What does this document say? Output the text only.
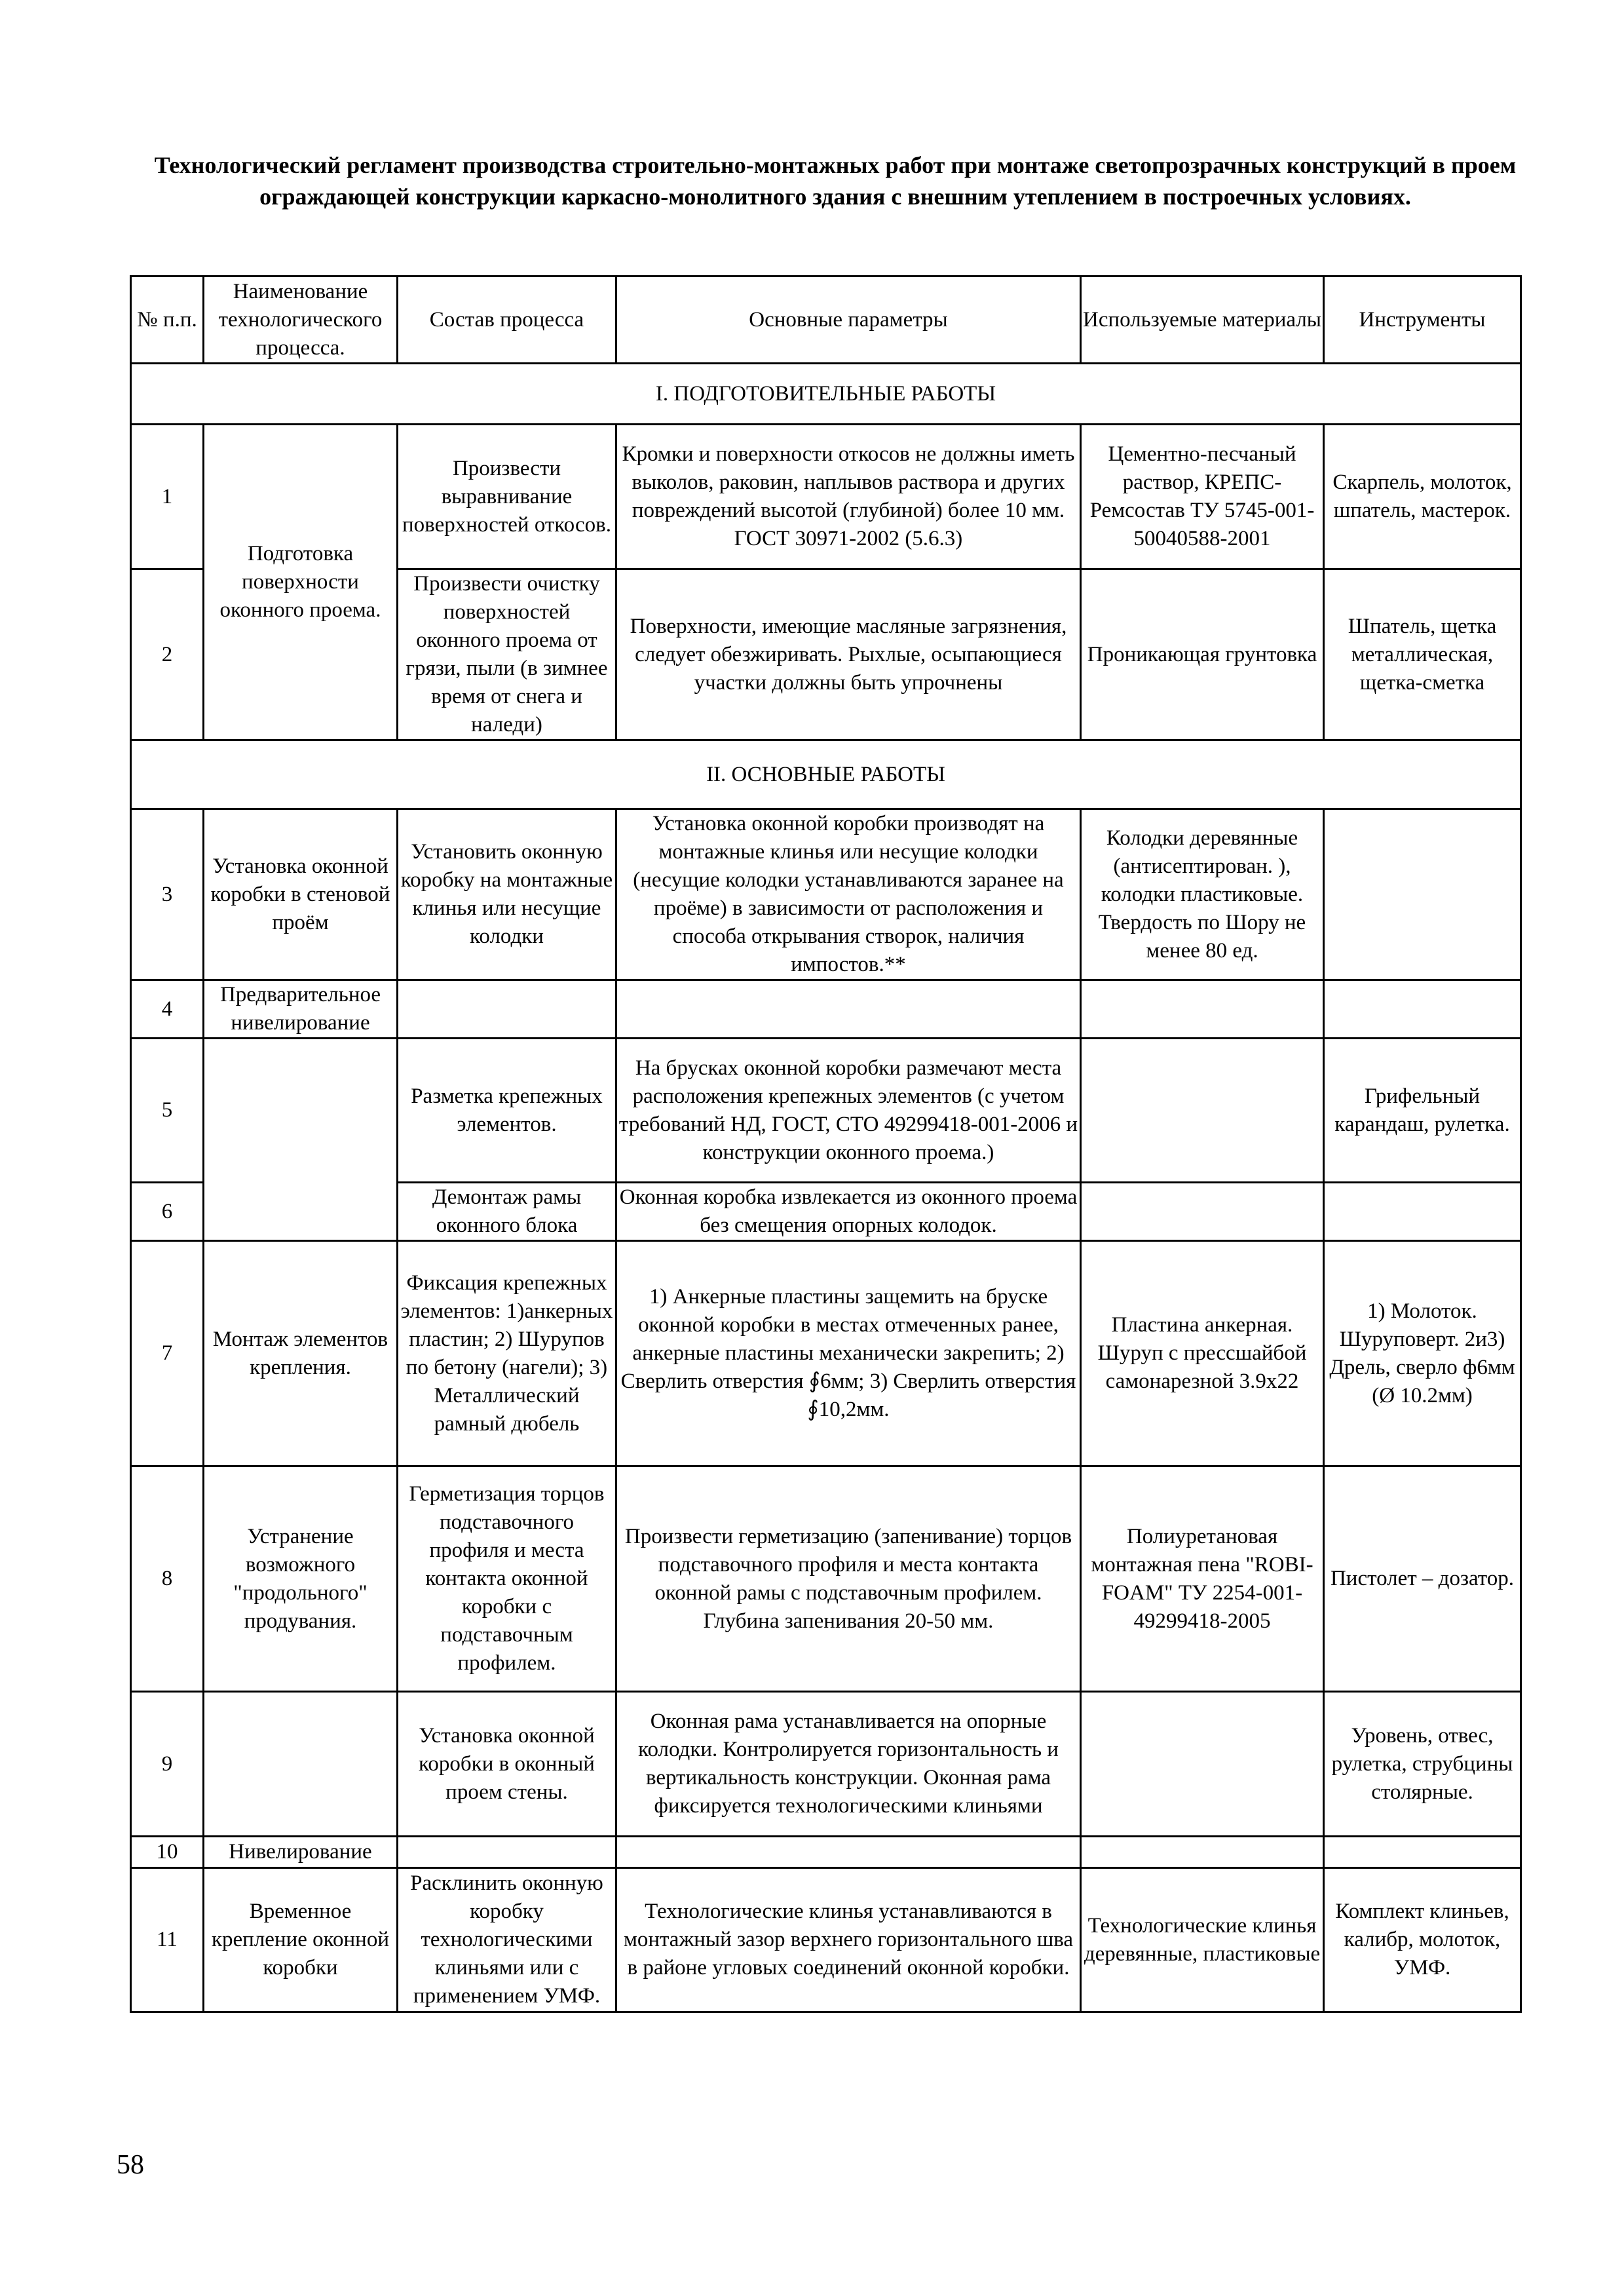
Технологический регламент производства строительно-монтажных работ при монтаже светопрозрачных конструкций в проем ограждающей конструкции каркасно-монолитного здания с внешним утеплением в построечных условиях.
№ п.п.	Наименование технологического процесса.	Состав процесса	Основные параметры	Используемые материалы	Инструменты
I. ПОДГОТОВИТЕЛЬНЫЕ РАБОТЫ					
1	Подготовка поверхности оконного проема.	Произвести выравнивание поверхностей откосов.	Кромки и поверхности откосов не должны иметь выколов, раковин, наплывов раствора и других повреждений высотой (глубиной) более 10 мм. ГОСТ 30971-2002 (5.6.3)	Цементно-песчаный раствор, КРЕПС-Ремсостав ТУ 5745-001-50040588-2001	Скарпель, молоток, шпатель, мастерок.
2		Произвести очистку поверхностей оконного проема от грязи, пыли (в зимнее время от снега и наледи)	Поверхности, имеющие масляные загрязнения, следует обезжиривать. Рыхлые, осыпающиеся участки должны быть упрочнены	Проникающая грунтовка	Шпатель, щетка металлическая, щетка-сметка
II. ОСНОВНЫЕ РАБОТЫ					
3	Установка оконной коробки в стеновой проём	Установить оконную коробку на монтажные клинья или несущие колодки	Установка оконной коробки производят на монтажные клинья или несущие колодки (несущие колодки устанавливаются заранее на проёме) в зависимости от расположения и способа открывания створок, наличия импостов.**	Колодки деревянные (антисептирован. ), колодки пластиковые. Твердость по Шору не менее 80 ед.	
4	Предварительное нивелирование				
5		Разметка крепежных элементов.	На брусках оконной коробки размечают места расположения крепежных элементов (с учетом требований НД, ГОСТ, СТО 49299418-001-2006 и конструкции оконного проема.)		Грифельный карандаш, рулетка.
6		Демонтаж рамы оконного блока	Оконная коробка извлекается из оконного проема без смещения опорных колодок.		
7	Монтаж элементов крепления.	Фиксация крепежных элементов: 1)анкерных пластин; 2) Шурупов по бетону (нагели); 3) Металлический рамный дюбель	1) Анкерные пластины защемить на бруске оконной коробки в местах отмеченных ранее, анкерные пластины механически закрепить; 2) Сверлить отверстия ∮6мм; 3) Сверлить отверстия ∮10,2мм.	Пластина анкерная. Шуруп с прессшайбой самонарезной 3.9х22	1) Молоток. Шуруповерт. 2и3) Дрель, сверло ф6мм (Ø 10.2мм)
8	Устранение возможного "продольного" продувания.	Герметизация торцов подставочного профиля и места контакта оконной коробки с подставочным профилем.	Произвести герметизацию (запенивание) торцов подставочного профиля и места контакта оконной рамы с подставочным профилем. Глубина запенивания 20-50 мм.	Полиуретановая монтажная пена "ROBI-FOAM" ТУ 2254-001-49299418-2005	Пистолет – дозатор.
9		Установка оконной коробки в оконный проем стены.	Оконная рама устанавливается на опорные колодки. Контролируется горизонтальность и вертикальность конструкции. Оконная рама фиксируется технологическими клиньями		Уровень, отвес, рулетка, струбцины столярные.
10	Нивелирование				
11	Временное крепление оконной коробки	Расклинить оконную коробку технологическими клиньями или с применением УМФ.	Технологические клинья устанавливаются в монтажный зазор верхнего горизонтального шва в районе угловых соединений оконной коробки.	Технологические клинья деревянные, пластиковые	Комплект клиньев, калибр, молоток, УМФ.
58
